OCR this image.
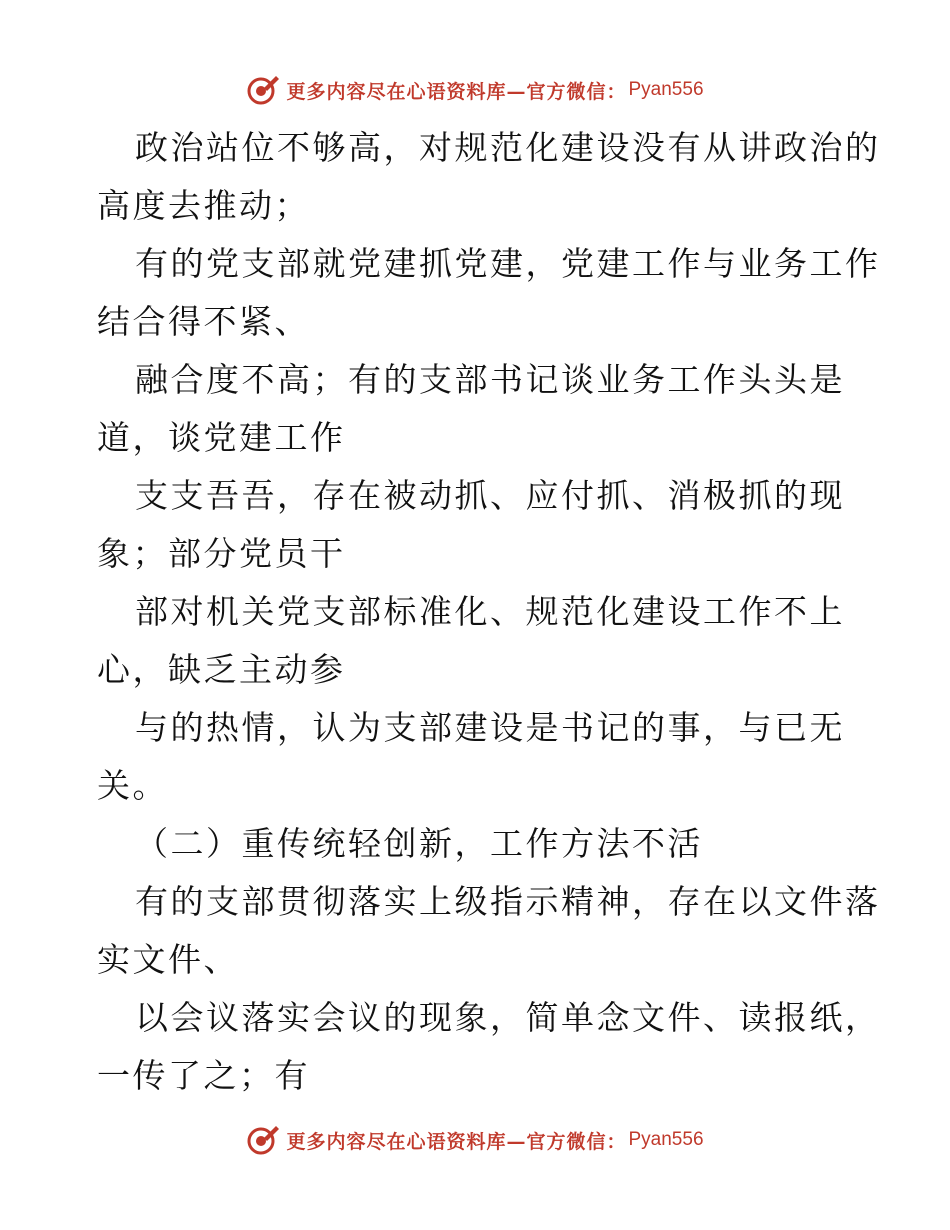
更多内容尽在心语资料库—官方微信： Pyan556
政治站位不够高，对规范化建设没有从讲政治的
高度去推动；
有的党支部就党建抓党建，党建工作与业务工作
结合得不紧、
融合度不高；有的支部书记谈业务工作头头是
道，谈党建工作
支支吾吾，存在被动抓、应付抓、消极抓的现
象；部分党员干
部对机关党支部标准化、规范化建设工作不上
心，缺乏主动参
与的热情，认为支部建设是书记的事，与已无
关。
（二）重传统轻创新，工作方法不活
有的支部贯彻落实上级指示精神，存在以文件落
实文件、
以会议落实会议的现象，简单念文件、读报纸，
一传了之；有
更多内容尽在心语资料库—官方微信： Pyan556
